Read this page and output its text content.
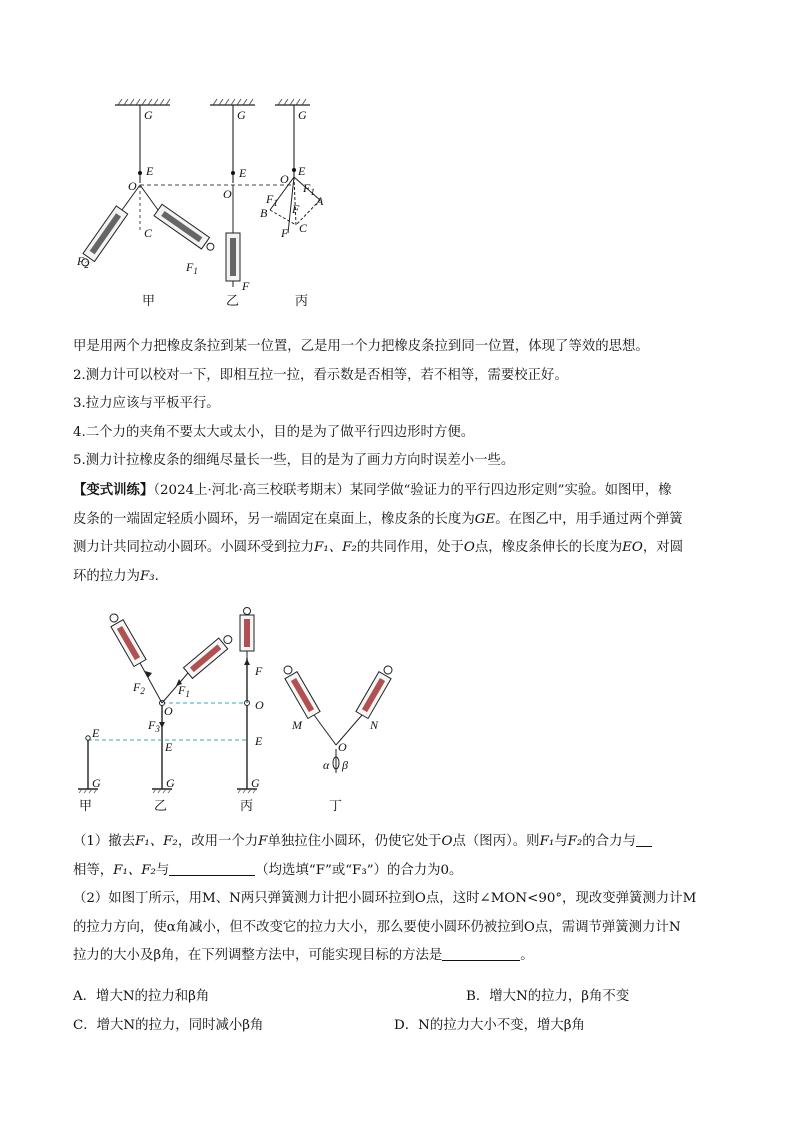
G	G	G
E	E	E
O
O
O
C
$F_2$	$F_1$
F
$F_1$
$F_1$
B
A
F
F C
甲	乙	丙

甲是用两个力把橡皮条拉到某一位置，乙是用一个力把橡皮条拉到同一位置，体现了等效的思想。

2.测力计可以校对一下，即相互拉一拉，看示数是否相等，若不相等，需要校正好。

3.拉力应该与平板平行。

4.二个力的夹角不要太大或太小，目的是为了做平行四边形时方便。

5.测力计拉橡皮条的细绳尽量长一些，目的是为了画力方向时误差小一些。

【变式训练】（2024上·河北·高三校联考期末）某同学做“验证力的平行四边形定则”实验。如图甲，橡

皮条的一端固定轻质小圆环，另一端固定在桌面上，橡皮条的长度为GE。在图乙中，用手通过两个弹簧

测力计共同拉动小圆环。小圆环受到拉力F₁、F₂的共同作用，处于O点，橡皮条伸长的长度为EO，对圆

环的拉力为F₃.

E
G
E
G
O
$F_3$
$F_2$	$F_1$
F
O
E
G
M	N
O
α β
甲	乙	丙	丁

（1）撤去F₁、F₂，改用一个力F单独拉住小圆环，仍使它处于O点（图丙）。则F₁与F₂的合力与

相等，F₁、F₂与	（均选填“F”或“F₃”）的合力为0。

（2）如图丁所示，用M、N两只弹簧测力计把小圆环拉到O点，这时∠MON<90°，现改变弹簧测力计M

的拉力方向，使α角减小，但不改变它的拉力大小，那么要使小圆环仍被拉到O点，需调节弹簧测力计N

拉力的大小及β角，在下列调整方法中，可能实现目标的方法是	。

A．增大N的拉力和β角	B．增大N的拉力，β角不变
C．增大N的拉力，同时减小β角	D．N的拉力大小不变，增大β角
